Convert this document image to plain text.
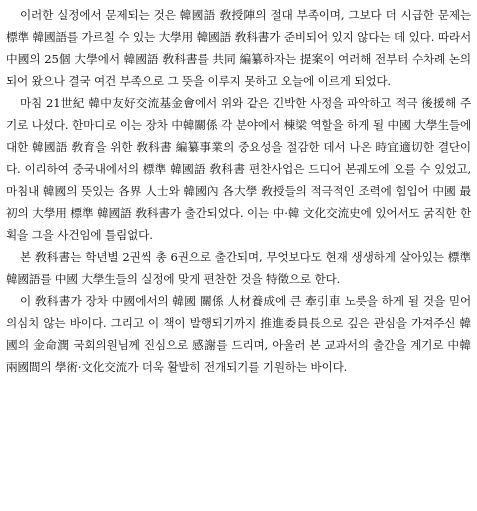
이러한 실정에서 문제되는 것은 韓國語 敎授陣의 절대 부족이며, 그보다 더 시급한 문제는 標準 韓國語를 가르칠 수 있는 大學用 韓國語 敎科書가 준비되어 있지 않다는 데 있다. 따라서 中國의 25個 大學에서 韓國語 敎科書를 共同 編纂하자는 提案이 여러해 전부터 수차례 논의되어 왔으나 결국 여건 부족으로 그 뜻을 이루지 못하고 오늘에 이르게 되었다.

마침 21世紀 韓中友好交流基金會에서 위와 같은 긴박한 사정을 파악하고 적극 後援해 주기로 나섰다. 한마디로 이는 장차 中韓關係 각 분야에서 棟梁 역할을 하게 될 中國 大學生들에 대한 韓國語 敎育을 위한 敎科書 編纂事業의 중요성을 절감한 데서 나온 時宜適切한 결단이다. 이리하여 중국내에서의 標準 韓國語 敎科書 편찬사업은 드디어 본궤도에 오를 수 있었고, 마침내 韓國의 뜻있는 各界 人士와 韓國內 各大學 敎授들의 적극적인 조력에 힘입어 中國 最初의 大學用 標準 韓國語 敎科書가 출간되었다. 이는 中·韓 文化交流史에 있어서도 굵직한 한 획을 그을 사건임에 틀림없다.

본 敎科書는 학년별 2권씩 총 6권으로 출간되며, 무엇보다도 현재 생생하게 살아있는 標準 韓國語를 中國 大學生들의 실정에 맞게 편찬한 것을 特徵으로 한다.

이 敎科書가 장차 中國에서의 韓國 關係 人材養成에 큰 牽引車 노릇을 하게 될 것을 믿어 의심치 않는 바이다. 그리고 이 책이 발행되기까지 推進委員長으로 깊은 관심을 가져주신 韓國의 金命潤 국회의원님께 진심으로 感謝를 드리며, 아울러 본 교과서의 출간을 계기로 中韓兩國間의 學術·文化交流가 더욱 활발히 전개되기를 기원하는 바이다.
